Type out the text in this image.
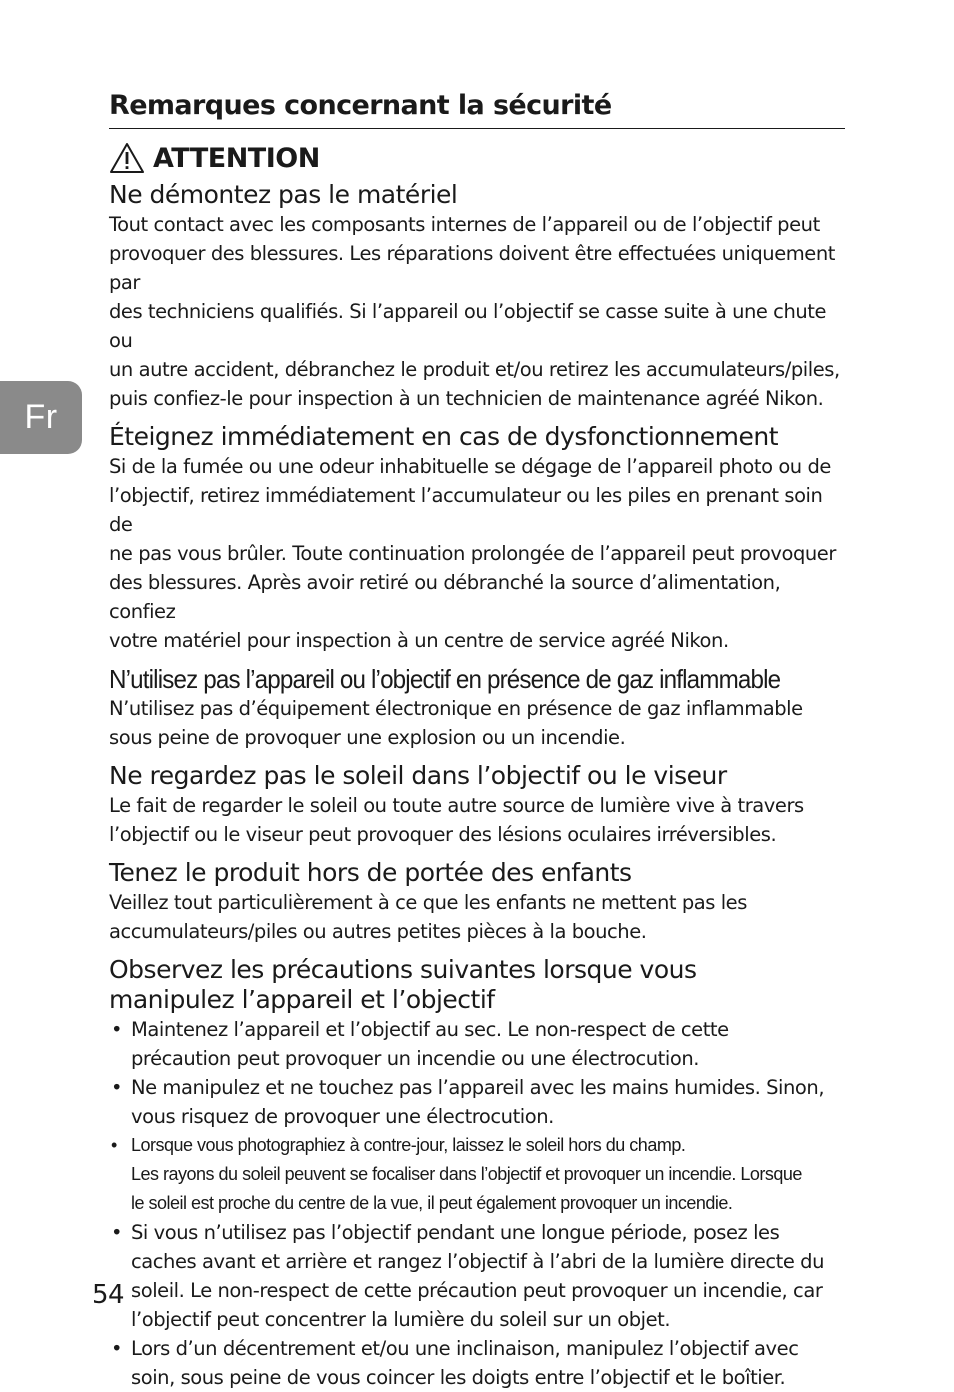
Fr
Remarques concernant la sécurité
ATTENTION
Ne démontez pas le matériel

Tout contact avec les composants internes de l’appareil ou de l’objectif peut
provoquer des blessures. Les réparations doivent être effectuées uniquement par
des techniciens qualifiés. Si l’appareil ou l’objectif se casse suite à une chute ou
un autre accident, débranchez le produit et/ou retirez les accumulateurs/piles,
puis confiez-le pour inspection à un technicien de maintenance agréé Nikon.

Éteignez immédiatement en cas de dysfonctionnement

Si de la fumée ou une odeur inhabituelle se dégage de l’appareil photo ou de
l’objectif, retirez immédiatement l’accumulateur ou les piles en prenant soin de
ne pas vous brûler. Toute continuation prolongée de l’appareil peut provoquer
des blessures. Après avoir retiré ou débranché la source d’alimentation, confiez
votre matériel pour inspection à un centre de service agréé Nikon.

N’utilisez pas l’appareil ou l’objectif en présence de gaz inflammable

N’utilisez pas d’équipement électronique en présence de gaz inflammable
sous peine de provoquer une explosion ou un incendie.

Ne regardez pas le soleil dans l’objectif ou le viseur

Le fait de regarder le soleil ou toute autre source de lumière vive à travers
l’objectif ou le viseur peut provoquer des lésions oculaires irréversibles.

Tenez le produit hors de portée des enfants

Veillez tout particulièrement à ce que les enfants ne mettent pas les
accumulateurs/piles ou autres petites pièces à la bouche.

Observez les précautions suivantes lorsque vous
manipulez l’appareil et l’objectif
• Maintenez l’appareil et l’objectif au sec. Le non-respect de cette
précaution peut provoquer un incendie ou une électrocution.
• Ne manipulez et ne touchez pas l’appareil avec les mains humides. Sinon,
vous risquez de provoquer une électrocution.
• Lorsque vous photographiez à contre-jour, laissez le soleil hors du champ.
Les rayons du soleil peuvent se focaliser dans l’objectif et provoquer un incendie. Lorsque
le soleil est proche du centre de la vue, il peut également provoquer un incendie.
• Si vous n’utilisez pas l’objectif pendant une longue période, posez les
caches avant et arrière et rangez l’objectif à l’abri de la lumière directe du
soleil. Le non-respect de cette précaution peut provoquer un incendie, car
l’objectif peut concentrer la lumière du soleil sur un objet.
• Lors d’un décentrement et/ou une inclinaison, manipulez l’objectif avec
soin, sous peine de vous coincer les doigts entre l’objectif et le boîtier.
54
